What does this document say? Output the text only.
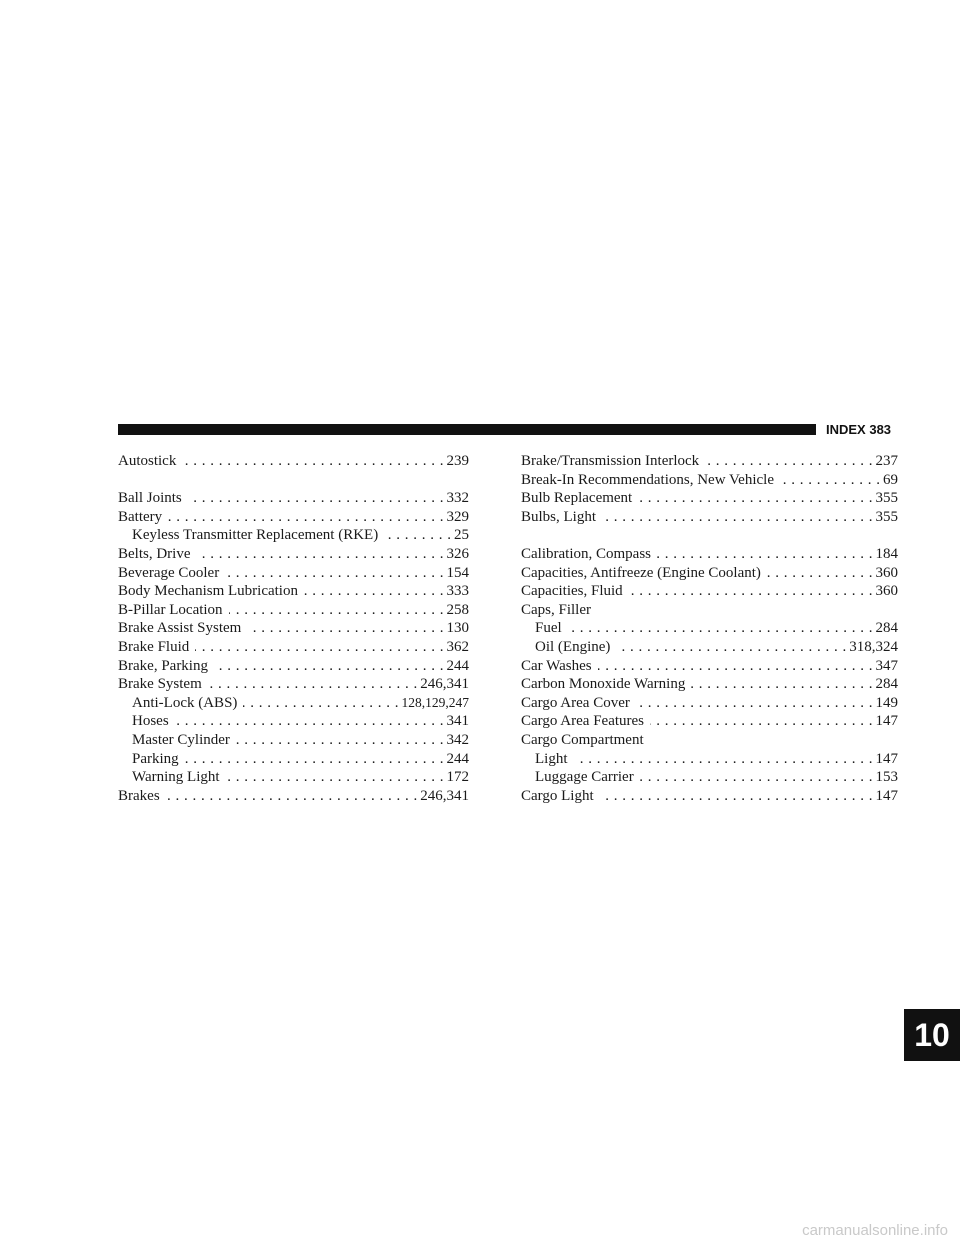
INDEX 383
Autostick . . .	239
Ball Joints . . .	332
Battery . . .	329
Keyless Transmitter Replacement (RKE) . . .	25
Belts, Drive . . .	326
Beverage Cooler . . .	154
Body Mechanism Lubrication . . .	333
B-Pillar Location . . .	258
Brake Assist System . . .	130
Brake Fluid . . .	362
Brake, Parking . . .	244
Brake System . . .	246,341
Anti-Lock (ABS) . . .	128,129,247
Hoses . . .	341
Master Cylinder . . .	342
Parking . . .	244
Warning Light . . .	172
Brakes . . .	246,341
Brake/Transmission Interlock . . .	237
Break-In Recommendations, New Vehicle . . .	69
Bulb Replacement . . .	355
Bulbs, Light . . .	355
Calibration, Compass . . .	184
Capacities, Antifreeze (Engine Coolant) . . .	360
Capacities, Fluid . . .	360
Caps, Filler
Fuel . . .	284
Oil (Engine) . . .	318,324
Car Washes . . .	347
Carbon Monoxide Warning . . .	284
Cargo Area Cover . . .	149
Cargo Area Features . . .	147
Cargo Compartment
Light . . .	147
Luggage Carrier . . .	153
Cargo Light . . .	147
10
carmanualsonline.info
